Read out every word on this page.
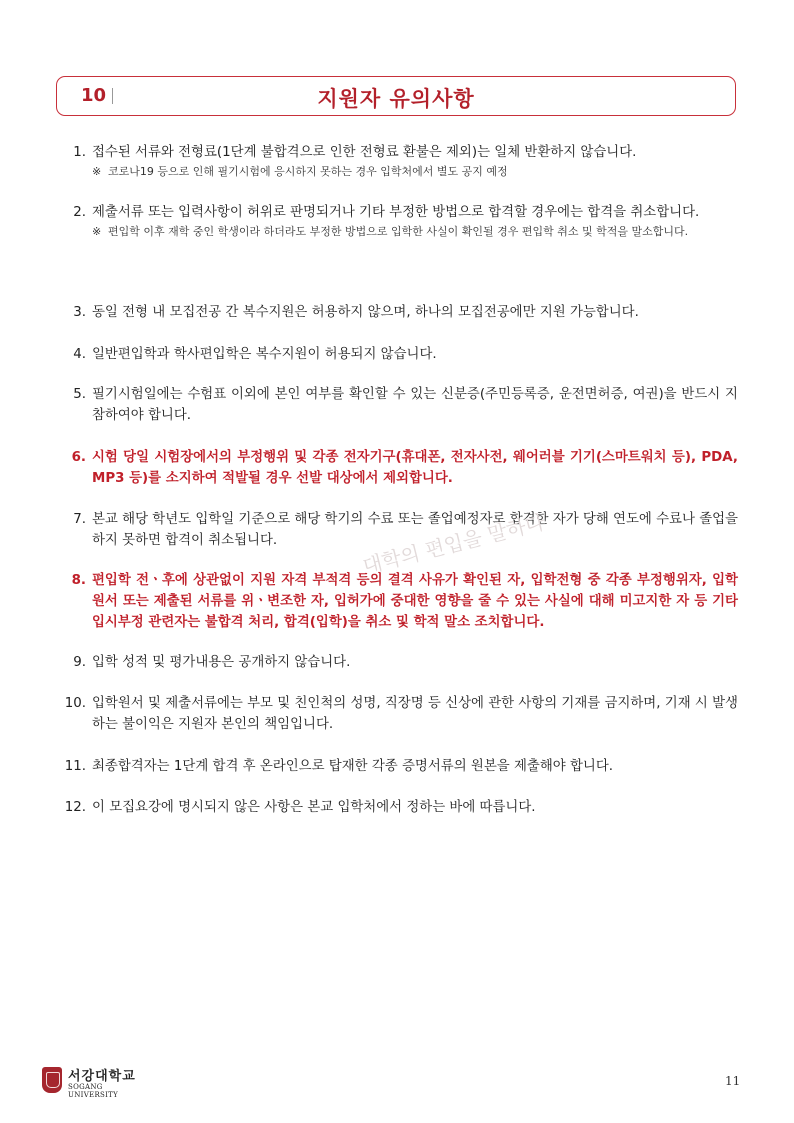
10	지원자 유의사항
1. 접수된 서류와 전형료(1단계 불합격으로 인한 전형료 환불은 제외)는 일체 반환하지 않습니다.
※ 코로나19 등으로 인해 필기시험에 응시하지 못하는 경우 입학처에서 별도 공지 예정
2. 제출서류 또는 입력사항이 허위로 판명되거나 기타 부정한 방법으로 합격할 경우에는 합격을 취소합니다.
※ 편입학 이후 재학 중인 학생이라 하더라도 부정한 방법으로 입학한 사실이 확인될 경우 편입학 취소 및 학적을 말소합니다.
3. 동일 전형 내 모집전공 간 복수지원은 허용하지 않으며, 하나의 모집전공에만 지원 가능합니다.
4. 일반편입학과 학사편입학은 복수지원이 허용되지 않습니다.
5. 필기시험일에는 수험표 이외에 본인 여부를 확인할 수 있는 신분증(주민등록증, 운전면허증, 여권)을 반드시 지참하여야 합니다.
6. 시험 당일 시험장에서의 부정행위 및 각종 전자기구(휴대폰, 전자사전, 웨어러블 기기(스마트워치 등), PDA, MP3 등)를 소지하여 적발될 경우 선발 대상에서 제외합니다.
7. 본교 해당 학년도 입학일 기준으로 해당 학기의 수료 또는 졸업예정자로 합격한 자가 당해 연도에 수료나 졸업을 하지 못하면 합격이 취소됩니다.
8. 편입학 전ㆍ후에 상관없이 지원 자격 부적격 등의 결격 사유가 확인된 자, 입학전형 중 각종 부정행위자, 입학원서 또는 제출된 서류를 위ㆍ변조한 자, 입허가에 중대한 영향을 줄 수 있는 사실에 대해 미고지한 자 등 기타 입시부정 관련자는 불합격 처리, 합격(입학)을 취소 및 학적 말소 조치합니다.
9. 입학 성적 및 평가내용은 공개하지 않습니다.
10. 입학원서 및 제출서류에는 부모 및 친인척의 성명, 직장명 등 신상에 관한 사항의 기재를 금지하며, 기재 시 발생하는 불이익은 지원자 본인의 책임입니다.
11. 최종합격자는 1단계 합격 후 온라인으로 탑재한 각종 증명서류의 원본을 제출해야 합니다.
12. 이 모집요강에 명시되지 않은 사항은 본교 입학처에서 정하는 바에 따릅니다.
대학의 편입을 말하다
서강대학교
SOGANG UNIVERSITY
11
